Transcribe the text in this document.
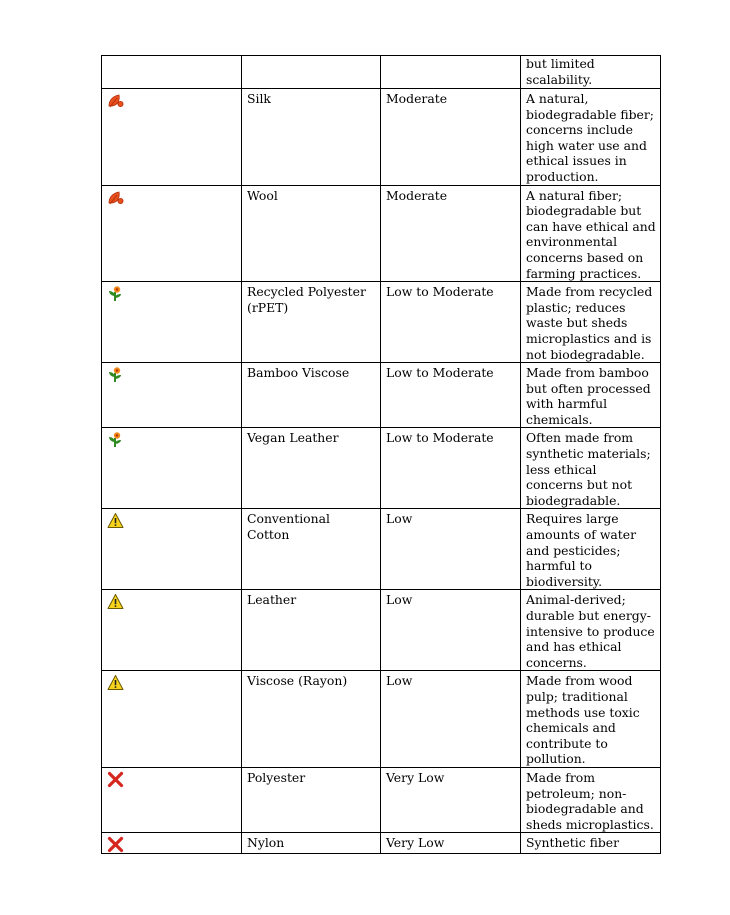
			but limited scalability.

	Silk	Moderate	A natural, biodegradable fiber; concerns include high water use and ethical issues in production.

	Wool	Moderate	A natural fiber; biodegradable but can have ethical and environmental concerns based on farming practices.

	Recycled Polyester (rPET)	Low to Moderate	Made from recycled plastic; reduces waste but sheds microplastics and is not biodegradable.

	Bamboo Viscose	Low to Moderate	Made from bamboo but often processed with harmful chemicals.

	Vegan Leather	Low to Moderate	Often made from synthetic materials; less ethical concerns but not biodegradable.

	Conventional Cotton	Low	Requires large amounts of water and pesticides; harmful to biodiversity.

	Leather	Low	Animal-derived; durable but energy-intensive to produce and has ethical concerns.

	Viscose (Rayon)	Low	Made from wood pulp; traditional methods use toxic chemicals and contribute to pollution.

	Polyester	Very Low	Made from petroleum; non-biodegradable and sheds microplastics.

	Nylon	Very Low	Synthetic fiber
